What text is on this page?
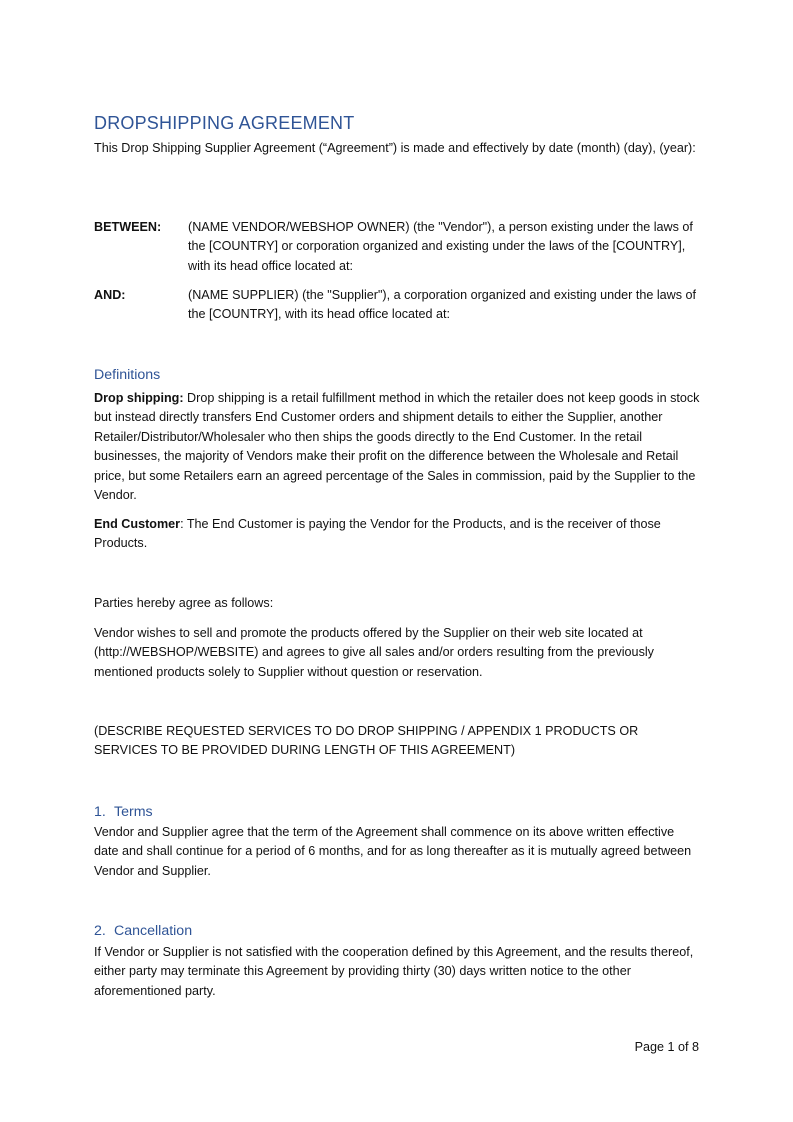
DROPSHIPPING AGREEMENT
This Drop Shipping Supplier Agreement (“Agreement”) is made and effectively by date (month) (day), (year):
BETWEEN:	(NAME VENDOR/WEBSHOP OWNER) (the "Vendor"), a person existing under the laws of the [COUNTRY] or corporation organized and existing under the laws of the [COUNTRY], with its head office located at:
AND:	(NAME SUPPLIER) (the "Supplier"), a corporation organized and existing under the laws of the [COUNTRY], with its head office located at:
Definitions
Drop shipping: Drop shipping is a retail fulfillment method in which the retailer does not keep goods in stock but instead directly transfers End Customer orders and shipment details to either the Supplier, another Retailer/Distributor/Wholesaler who then ships the goods directly to the End Customer. In the retail businesses, the majority of Vendors make their profit on the difference between the Wholesale and Retail price, but some Retailers earn an agreed percentage of the Sales in commission, paid by the Supplier to the Vendor.
End Customer: The End Customer is paying the Vendor for the Products, and is the receiver of those Products.
Parties hereby agree as follows:
Vendor wishes to sell and promote the products offered by the Supplier on their web site located at (http://WEBSHOP/WEBSITE) and agrees to give all sales and/or orders resulting from the previously mentioned products solely to Supplier without question or reservation.
(DESCRIBE REQUESTED SERVICES TO DO DROP SHIPPING / APPENDIX 1 PRODUCTS OR SERVICES TO BE PROVIDED DURING LENGTH OF THIS AGREEMENT)
1. Terms
Vendor and Supplier agree that the term of the Agreement shall commence on its above written effective date and shall continue for a period of 6 months, and for as long thereafter as it is mutually agreed between Vendor and Supplier.
2. Cancellation
If Vendor or Supplier is not satisfied with the cooperation defined by this Agreement, and the results thereof, either party may terminate this Agreement by providing thirty (30) days written notice to the other aforementioned party.
Page 1 of 8
